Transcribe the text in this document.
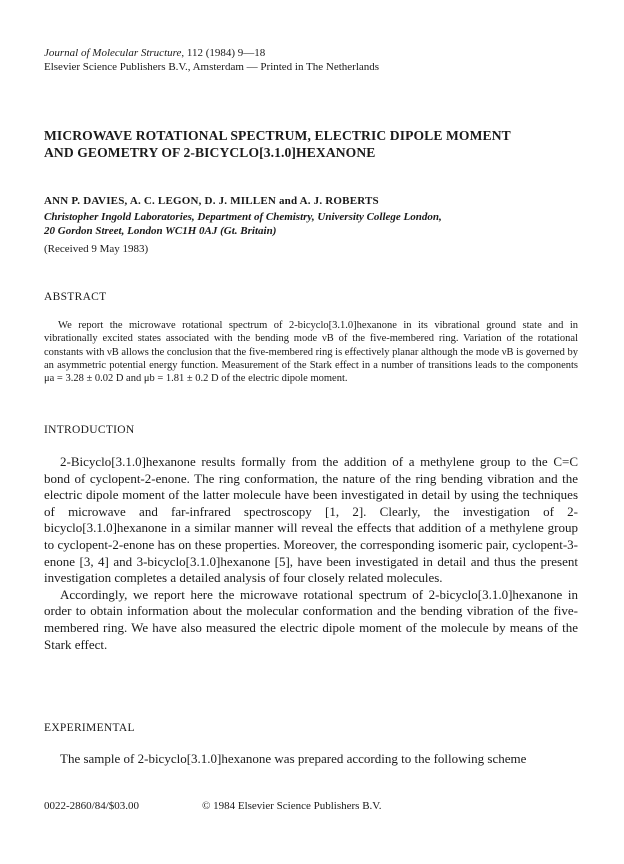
Journal of Molecular Structure, 112 (1984) 9—18
Elsevier Science Publishers B.V., Amsterdam — Printed in The Netherlands
MICROWAVE ROTATIONAL SPECTRUM, ELECTRIC DIPOLE MOMENT
AND GEOMETRY OF 2-BICYCLO[3.1.0]HEXANONE
ANN P. DAVIES, A. C. LEGON, D. J. MILLEN and A. J. ROBERTS
Christopher Ingold Laboratories, Department of Chemistry, University College London,
20 Gordon Street, London WC1H 0AJ (Gt. Britain)
(Received 9 May 1983)
ABSTRACT

We report the microwave rotational spectrum of 2-bicyclo[3.1.0]hexanone in its vibrational ground state and in vibrationally excited states associated with the bending mode νB of the five-membered ring. Variation of the rotational constants with νB allows the conclusion that the five-membered ring is effectively planar although the mode νB is governed by an asymmetric potential energy function. Measurement of the Stark effect in a number of transitions leads to the components μa = 3.28 ± 0.02 D and μb = 1.81 ± 0.2 D of the electric dipole moment.

INTRODUCTION

2-Bicyclo[3.1.0]hexanone results formally from the addition of a methylene group to the C=C bond of cyclopent-2-enone. The ring conformation, the nature of the ring bending vibration and the electric dipole moment of the latter molecule have been investigated in detail by using the techniques of microwave and far-infrared spectroscopy [1, 2]. Clearly, the investigation of 2-bicyclo[3.1.0]hexanone in a similar manner will reveal the effects that addition of a methylene group to cyclopent-2-enone has on these properties. Moreover, the corresponding isomeric pair, cyclopent-3-enone [3, 4] and 3-bicyclo[3.1.0]hexanone [5], have been investigated in detail and thus the present investigation completes a detailed analysis of four closely related molecules.

Accordingly, we report here the microwave rotational spectrum of 2-bicyclo[3.1.0]hexanone in order to obtain information about the molecular conformation and the bending vibration of the five-membered ring. We have also measured the electric dipole moment of the molecule by means of the Stark effect.

EXPERIMENTAL

The sample of 2-bicyclo[3.1.0]hexanone was prepared according to the following scheme

0022-2860/84/$03.00	© 1984 Elsevier Science Publishers B.V.
